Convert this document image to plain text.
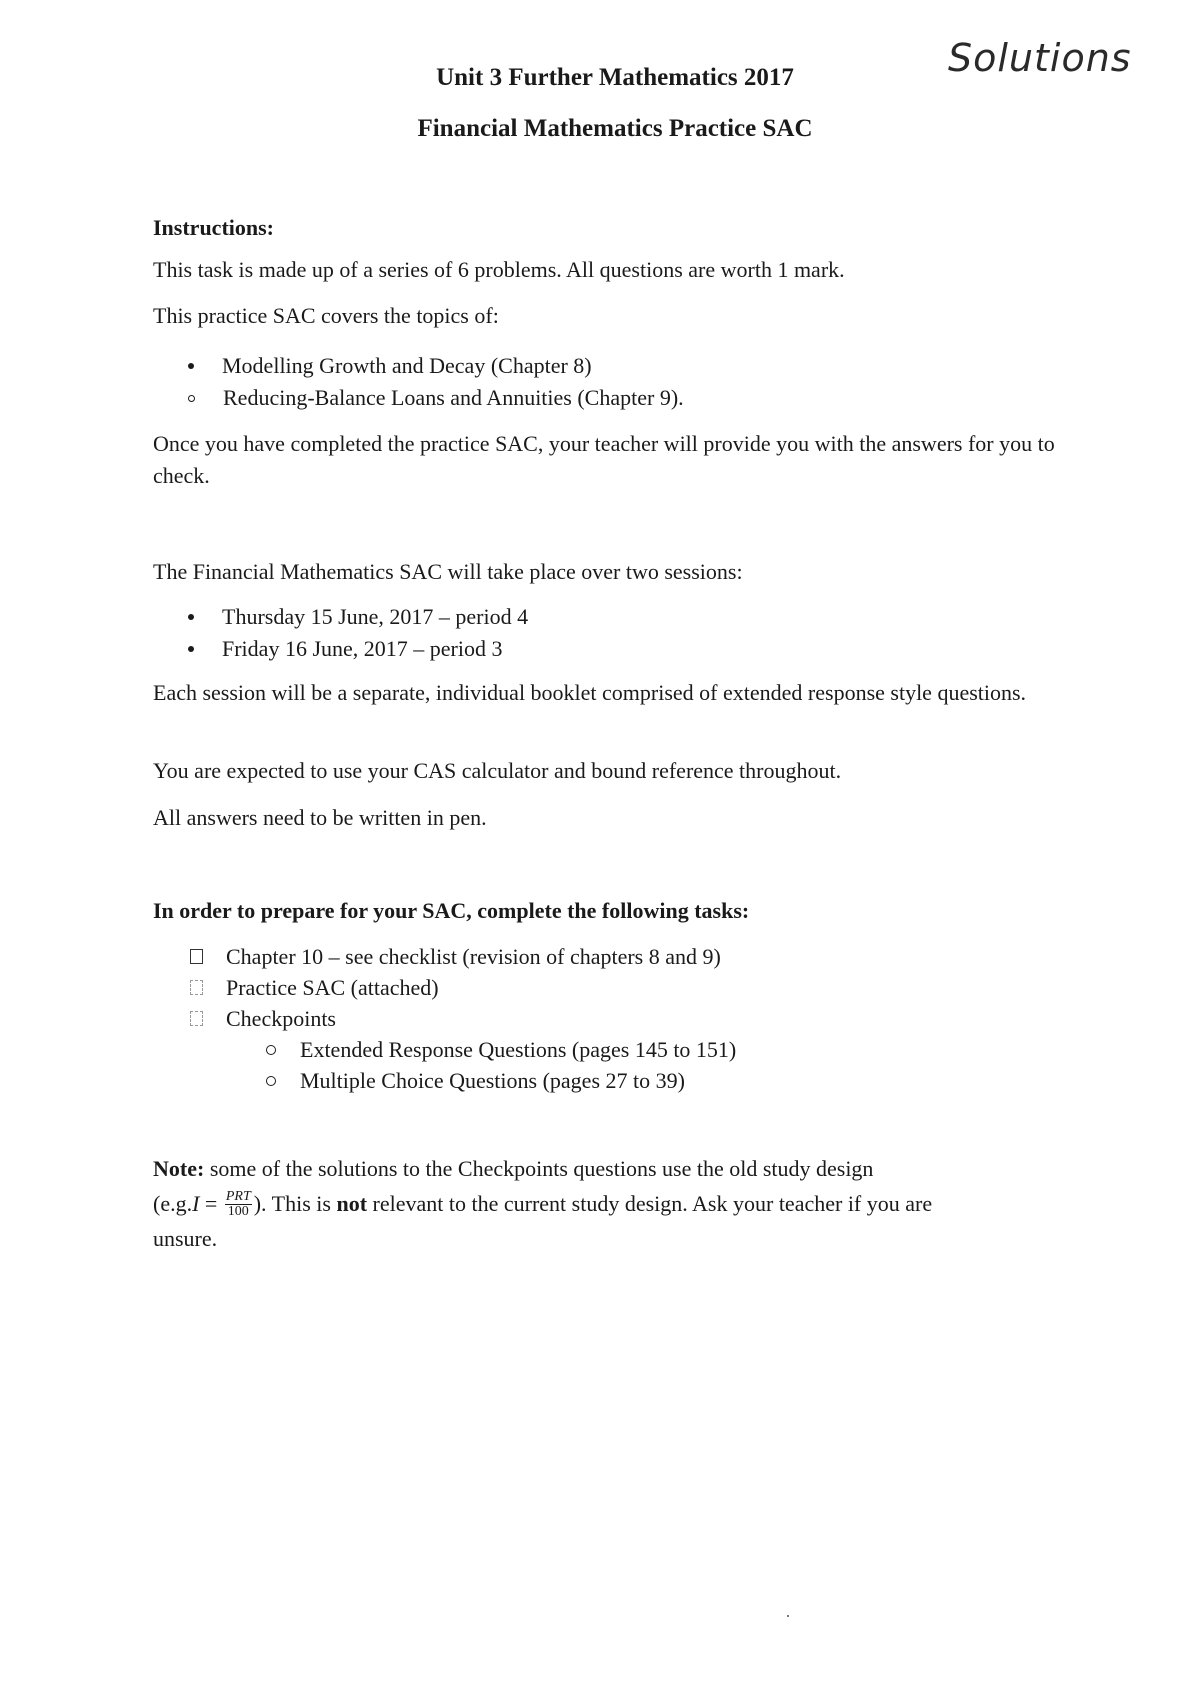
Solutions
Unit 3 Further Mathematics 2017
Financial Mathematics Practice SAC
Instructions:
This task is made up of a series of 6 problems. All questions are worth 1 mark.
This practice SAC covers the topics of:
Modelling Growth and Decay (Chapter 8)
Reducing-Balance Loans and Annuities (Chapter 9).
Once you have completed the practice SAC, your teacher will provide you with the answers for you to check.
The Financial Mathematics SAC will take place over two sessions:
Thursday 15 June, 2017 – period 4
Friday 16 June, 2017 – period 3
Each session will be a separate, individual booklet comprised of extended response style questions.
You are expected to use your CAS calculator and bound reference throughout.
All answers need to be written in pen.
In order to prepare for your SAC, complete the following tasks:
Chapter 10 – see checklist (revision of chapters 8 and 9)
Practice SAC (attached)
Checkpoints
Extended Response Questions (pages 145 to 151)
Multiple Choice Questions (pages 27 to 39)
Note: some of the solutions to the Checkpoints questions use the old study design
(e.g. $I = \frac{\text{PRT}}{100}$ ). This is not relevant to the current study design. Ask your teacher if you are
unsure.
